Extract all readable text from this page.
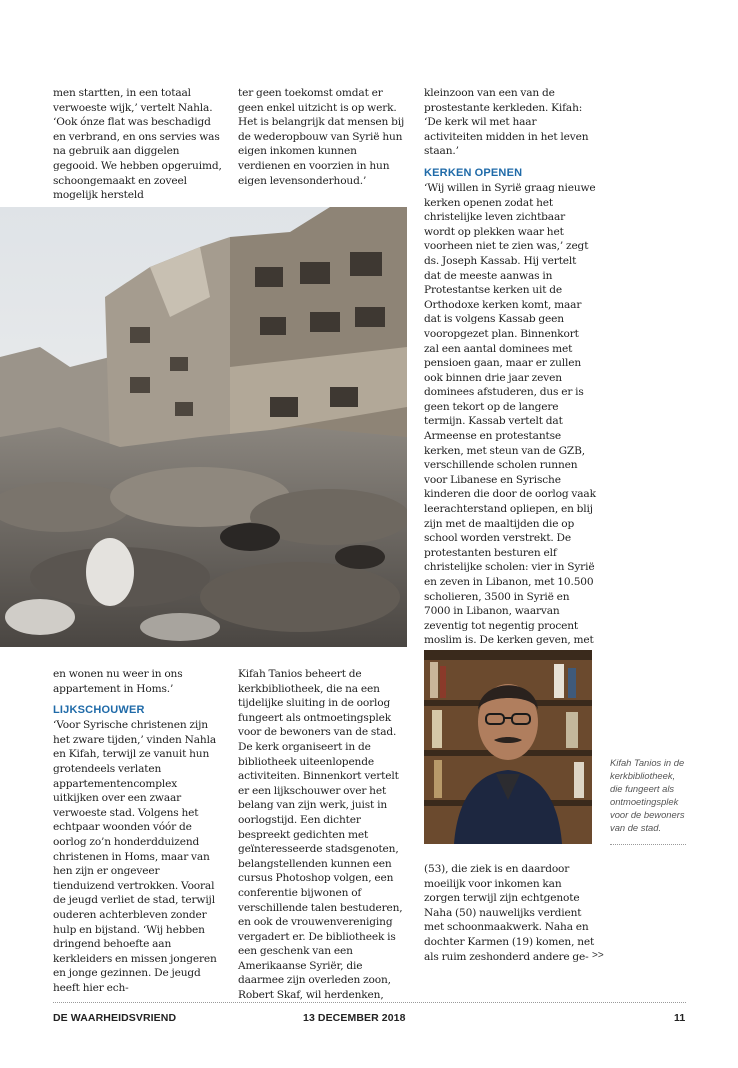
men startten, in een totaal verwoeste wijk,’ vertelt Nahla. ‘Ook ónze flat was beschadigd en verbrand, en ons servies was na gebruik aan diggelen gegooid. We hebben opgeruimd, schoongemaakt en zoveel mogelijk hersteld

ter geen toekomst omdat er geen enkel uitzicht is op werk. Het is belangrijk dat mensen bij de wederopbouw van Syrië hun eigen inkomen kunnen verdienen en voorzien in hun eigen levensonderhoud.’

kleinzoon van een van de prostestante kerkleden. Kifah: ‘De kerk wil met haar activiteiten midden in het leven staan.’

KERKEN OPENEN

‘Wij willen in Syrië graag nieuwe kerken openen zodat het christelijke leven zichtbaar wordt op plekken waar het voorheen niet te zien was,’ zegt ds. Joseph Kassab. Hij vertelt dat de meeste aanwas in Protestantse kerken uit de Orthodoxe kerken komt, maar dat is volgens Kassab geen vooropgezet plan. Binnenkort zal een aantal dominees met pensioen gaan, maar er zullen ook binnen drie jaar zeven dominees afstuderen, dus er is geen tekort op de langere termijn. Kassab vertelt dat Armeense en protestantse kerken, met steun van de GZB, verschillende scholen runnen voor Libanese en Syrische kinderen die door de oorlog vaak leerachterstand opliepen, en blij zijn met de maaltijden die op school worden verstrekt. De protestanten besturen elf christelijke scholen: vier in Syrië en zeven in Libanon, met 10.500 scholieren, 3500 in Syrië en 7000 in Libanon, waarvan zeventig tot negentig procent moslim is. De kerken geven, met

en wonen nu weer in ons appartement in Homs.’

LIJKSCHOUWER

‘Voor Syrische christenen zijn het zware tijden,’ vinden Nahla en Kifah, terwijl ze vanuit hun grotendeels verlaten appartementencomplex uitkijken over een zwaar verwoeste stad. Volgens het echtpaar woonden vóór de oorlog zo’n honderdduizend christenen in Homs, maar van hen zijn er ongeveer tienduizend vertrokken. Vooral de jeugd verliet de stad, terwijl ouderen achterbleven zonder hulp en bijstand. ‘Wij hebben dringend behoefte aan kerkleiders en missen jongeren en jonge gezinnen. De jeugd heeft hier ech-

Kifah Tanios beheert de kerkbibliotheek, die na een tijdelijke sluiting in de oorlog fungeert als ontmoetingsplek voor de bewoners van de stad. De kerk organiseert in de bibliotheek uiteenlopende activiteiten. Binnenkort vertelt er een lijkschouwer over het belang van zijn werk, juist in oorlogstijd. Een dichter bespreekt gedichten met geïnteresseerde stadsgenoten, belangstellenden kunnen een cursus Photoshop volgen, een conferentie bijwonen of verschillende talen bestuderen, en ook de vrouwenvereniging vergadert er. De bibliotheek is een geschenk van een Amerikaanse Syriër, die daarmee zijn overleden zoon, Robert Skaf, wil herdenken,

Kifah Tanios in de kerkbibliotheek, die fungeert als ontmoetingsplek voor de bewoners van de stad.

(53), die ziek is en daardoor moeilijk voor inkomen kan zorgen terwijl zijn echtgenote Naha (50) nauwelijks verdient met schoonmaakwerk. Naha en dochter Karmen (19) komen, net als ruim zeshonderd andere ge- >>
DE WAARHEIDSVRIEND	13 DECEMBER 2018	11
